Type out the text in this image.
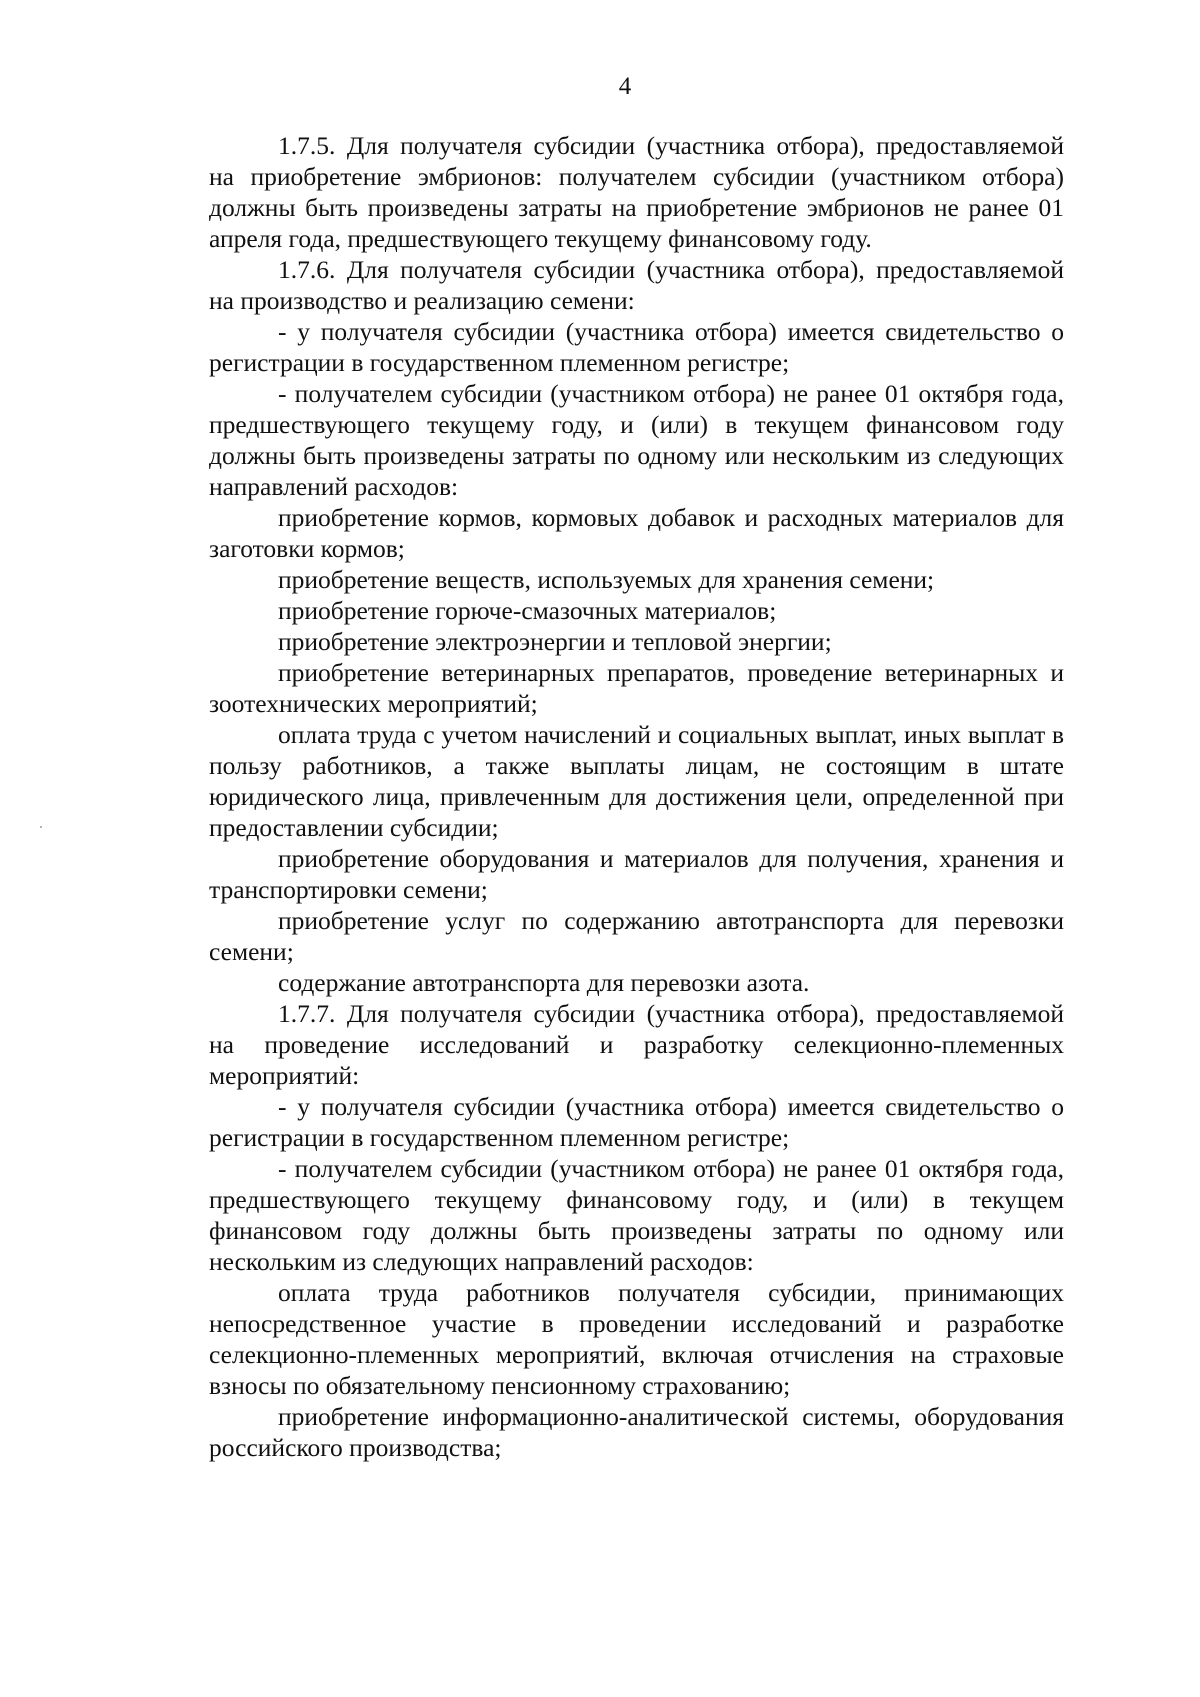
4

1.7.5. Для получателя субсидии (участника отбора), предоставляемой на приобретение эмбрионов: получателем субсидии (участником отбора) должны быть произведены затраты на приобретение эмбрионов не ранее 01 апреля года, предшествующего текущему финансовому году.

1.7.6. Для получателя субсидии (участника отбора), предоставляемой на производство и реализацию семени:

- у получателя субсидии (участника отбора) имеется свидетельство о регистрации в государственном племенном регистре;

- получателем субсидии (участником отбора) не ранее 01 октября года, предшествующего текущему году, и (или) в текущем финансовом году должны быть произведены затраты по одному или нескольким из следующих направлений расходов:

приобретение кормов, кормовых добавок и расходных материалов для заготовки кормов;

приобретение веществ, используемых для хранения семени;

приобретение горюче-смазочных материалов;

приобретение электроэнергии и тепловой энергии;

приобретение ветеринарных препаратов, проведение ветеринарных и зоотехнических мероприятий;

оплата труда с учетом начислений и социальных выплат, иных выплат в пользу работников, а также выплаты лицам, не состоящим в штате юридического лица, привлеченным для достижения цели, определенной при предоставлении субсидии;

приобретение оборудования и материалов для получения, хранения и транспортировки семени;

приобретение услуг по содержанию автотранспорта для перевозки семени;

содержание автотранспорта для перевозки азота.

1.7.7. Для получателя субсидии (участника отбора), предоставляемой на проведение исследований и разработку селекционно-племенных мероприятий:

- у получателя субсидии (участника отбора) имеется свидетельство о регистрации в государственном племенном регистре;

- получателем субсидии (участником отбора) не ранее 01 октября года, предшествующего текущему финансовому году, и (или) в текущем финансовом году должны быть произведены затраты по одному или нескольким из следующих направлений расходов:

оплата труда работников получателя субсидии, принимающих непосредственное участие в проведении исследований и разработке селекционно-племенных мероприятий, включая отчисления на страховые взносы по обязательному пенсионному страхованию;

приобретение информационно-аналитической системы, оборудования российского производства;
